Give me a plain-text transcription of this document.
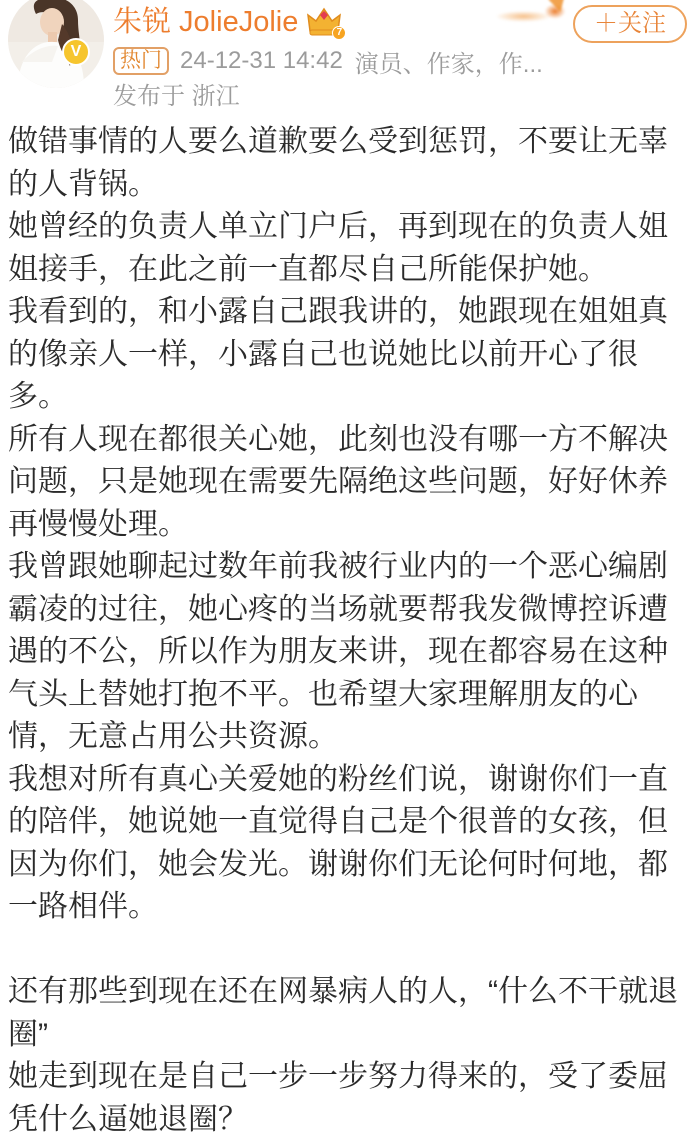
V
朱锐 JolieJolie	7
热门 24-12-31 14:42 演员、作家，作...
发布于 浙江
＋关注

做错事情的人要么道歉要么受到惩罚，不要让无辜的人背锅。

她曾经的负责人单立门户后，再到现在的负责人姐姐接手，在此之前一直都尽自己所能保护她。

我看到的，和小露自己跟我讲的，她跟现在姐姐真的像亲人一样，小露自己也说她比以前开心了很多。

所有人现在都很关心她，此刻也没有哪一方不解决问题，只是她现在需要先隔绝这些问题，好好休养再慢慢处理。

我曾跟她聊起过数年前我被行业内的一个恶心编剧霸凌的过往，她心疼的当场就要帮我发微博控诉遭遇的不公，所以作为朋友来讲，现在都容易在这种气头上替她打抱不平。也希望大家理解朋友的心情，无意占用公共资源。

我想对所有真心关爱她的粉丝们说，谢谢你们一直的陪伴，她说她一直觉得自己是个很普的女孩，但因为你们，她会发光。谢谢你们无论何时何地，都一路相伴。

还有那些到现在还在网暴病人的人，“什么不干就退圈”

她走到现在是自己一步一步努力得来的，受了委屈凭什么逼她退圈？
